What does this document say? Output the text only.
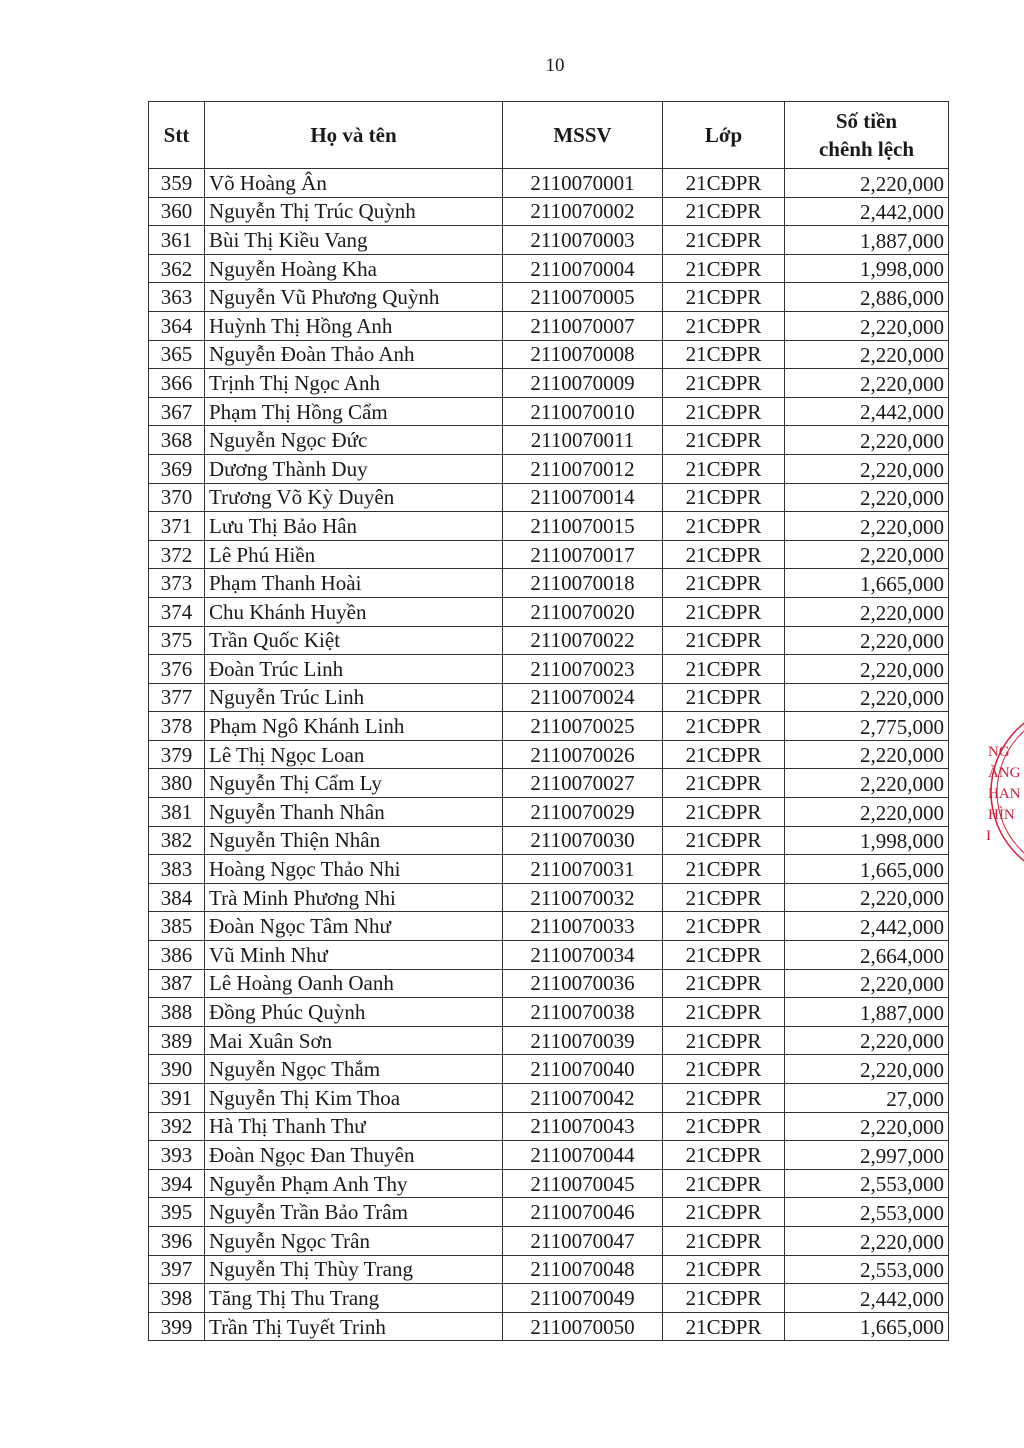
10
Stt	Họ và tên	MSSV	Lớp	Số tiền
chênh lệch

359	Võ Hoàng Ân	2110070001	21CĐPR	2,220,000
360	Nguyễn Thị Trúc Quỳnh	2110070002	21CĐPR	2,442,000
361	Bùi Thị Kiều Vang	2110070003	21CĐPR	1,887,000
362	Nguyễn Hoàng Kha	2110070004	21CĐPR	1,998,000
363	Nguyễn Vũ Phương Quỳnh	2110070005	21CĐPR	2,886,000
364	Huỳnh Thị Hồng Anh	2110070007	21CĐPR	2,220,000
365	Nguyễn Đoàn Thảo Anh	2110070008	21CĐPR	2,220,000
366	Trịnh Thị Ngọc Anh	2110070009	21CĐPR	2,220,000
367	Phạm Thị Hồng Cẩm	2110070010	21CĐPR	2,442,000
368	Nguyễn Ngọc Đức	2110070011	21CĐPR	2,220,000
369	Dương Thành Duy	2110070012	21CĐPR	2,220,000
370	Trương Võ Kỳ Duyên	2110070014	21CĐPR	2,220,000
371	Lưu Thị Bảo Hân	2110070015	21CĐPR	2,220,000
372	Lê Phú Hiền	2110070017	21CĐPR	2,220,000
373	Phạm Thanh Hoài	2110070018	21CĐPR	1,665,000
374	Chu Khánh Huyền	2110070020	21CĐPR	2,220,000
375	Trần Quốc Kiệt	2110070022	21CĐPR	2,220,000
376	Đoàn Trúc Linh	2110070023	21CĐPR	2,220,000
377	Nguyễn Trúc Linh	2110070024	21CĐPR	2,220,000
378	Phạm Ngô Khánh Linh	2110070025	21CĐPR	2,775,000
379	Lê Thị Ngọc Loan	2110070026	21CĐPR	2,220,000
380	Nguyễn Thị Cẩm Ly	2110070027	21CĐPR	2,220,000
381	Nguyễn Thanh Nhân	2110070029	21CĐPR	2,220,000
382	Nguyễn Thiện Nhân	2110070030	21CĐPR	1,998,000
383	Hoàng Ngọc Thảo Nhi	2110070031	21CĐPR	1,665,000
384	Trà Minh Phương Nhi	2110070032	21CĐPR	2,220,000
385	Đoàn Ngọc Tâm Như	2110070033	21CĐPR	2,442,000
386	Vũ Minh Như	2110070034	21CĐPR	2,664,000
387	Lê Hoàng Oanh Oanh	2110070036	21CĐPR	2,220,000
388	Đồng Phúc Quỳnh	2110070038	21CĐPR	1,887,000
389	Mai Xuân Sơn	2110070039	21CĐPR	2,220,000
390	Nguyễn Ngọc Thắm	2110070040	21CĐPR	2,220,000
391	Nguyễn Thị Kim Thoa	2110070042	21CĐPR	27,000
392	Hà Thị Thanh Thư	2110070043	21CĐPR	2,220,000
393	Đoàn Ngọc Đan Thuyên	2110070044	21CĐPR	2,997,000
394	Nguyễn Phạm Anh Thy	2110070045	21CĐPR	2,553,000
395	Nguyễn Trần Bảo Trâm	2110070046	21CĐPR	2,553,000
396	Nguyễn Ngọc Trân	2110070047	21CĐPR	2,220,000
397	Nguyễn Thị Thùy Trang	2110070048	21CĐPR	2,553,000
398	Tăng Thị Thu Trang	2110070049	21CĐPR	2,442,000
399	Trần Thị Tuyết Trinh	2110070050	21CĐPR	1,665,000
NG
ĂNG
HAN
HÌN
I
